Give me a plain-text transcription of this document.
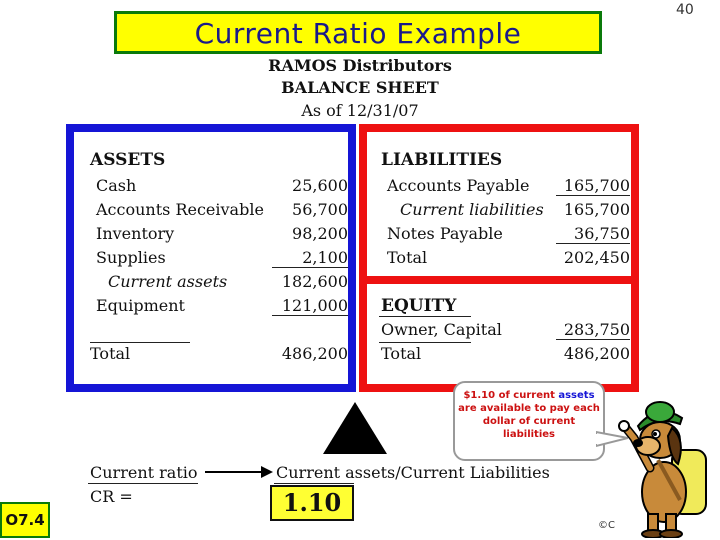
40
Current Ratio Example
RAMOS Distributors
BALANCE SHEET
As of 12/31/07
ASSETS
Cash	25,600
Accounts Receivable	56,700
Inventory	98,200
Supplies	2,100
Current assets	182,600
Equipment	121,000
Total	486,200
LIABILITIES
Accounts Payable	165,700
Current liabilities	165,700
Notes Payable	36,750
Total	202,450
EQUITY
Owner, Capital	283,750
Total	486,200
$1.10 of current assets
are available to pay each dollar of current
liabilities
Current ratio
CR =
Current assets/Current Liabilities
1.10
O7.4	©C
